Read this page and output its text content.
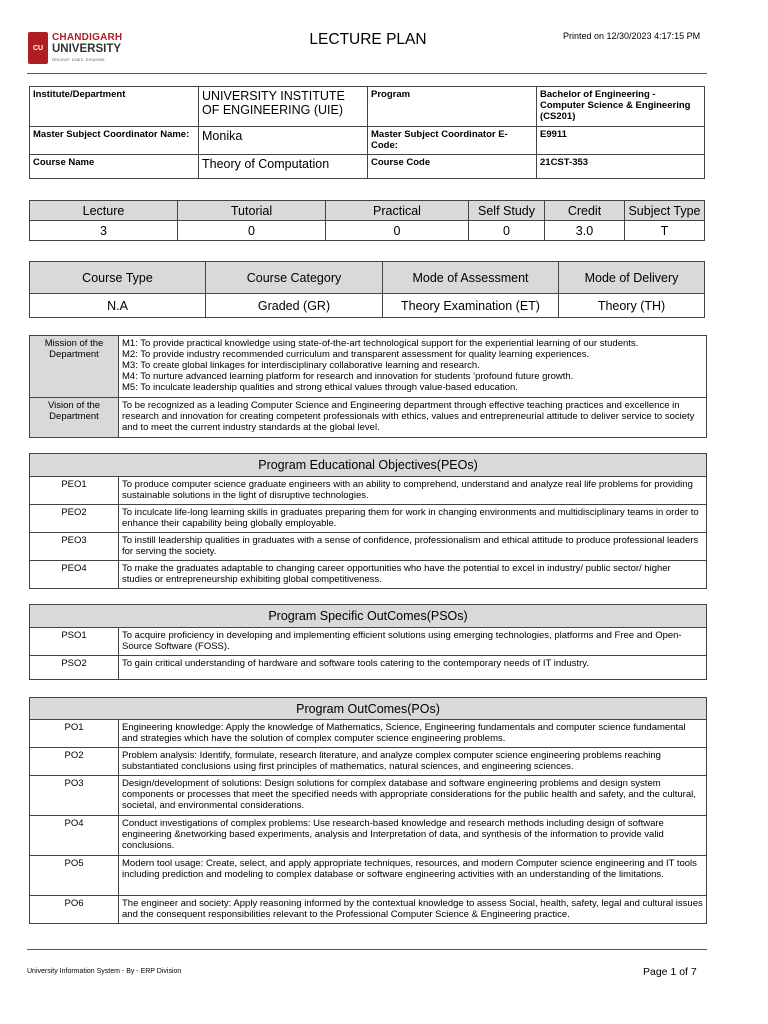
CU
CHANDIGARH
UNIVERSITY
Discover. Learn. Empower.
LECTURE PLAN	Printed on 12/30/2023 4:17:15 PM
Institute/Department	UNIVERSITY INSTITUTE OF ENGINEERING (UIE)	Program	Bachelor of Engineering - Computer Science & Engineering (CS201)
Master Subject Coordinator Name:	Monika	Master Subject Coordinator E-Code:	E9911
Course Name	Theory of Computation	Course Code	21CST-353
Lecture	Tutorial	Practical	Self Study	Credit	Subject Type
3	0	0	0	3.0	T
Course Type	Course Category	Mode of Assessment	Mode of Delivery
N.A	Graded (GR)	Theory Examination (ET)	Theory (TH)
Mission of the Department	M1: To provide practical knowledge using state-of-the-art technological support for the experiential learning of our students.
M2: To provide industry recommended curriculum and transparent assessment for quality learning experiences.
M3: To create global linkages for interdisciplinary collaborative learning and research.
M4: To nurture advanced learning platform for research and innovation for students ‘profound future growth.
M5: To inculcate leadership qualities and strong ethical values through value-based education.

Vision of the Department	To be recognized as a leading Computer Science and Engineering department through effective teaching practices and excellence in research and innovation for creating competent professionals with ethics, values and entrepreneurial attitude to deliver service to society and to meet the current industry standards at the global level.
Program Educational Objectives(PEOs)	
PEO1	To produce computer science graduate engineers with an ability to comprehend, understand and analyze real life problems for providing sustainable solutions in the light of disruptive technologies.
PEO2	To inculcate life-long learning skills in graduates preparing them for work in changing environments and multidisciplinary teams in order to enhance their capability being globally employable.
PEO3	To instill leadership qualities in graduates with a sense of confidence, professionalism and ethical attitude to produce professional leaders for serving the society.
PEO4	To make the graduates adaptable to changing career opportunities who have the potential to excel in industry/ public sector/ higher studies or entrepreneurship exhibiting global competitiveness.
Program Specific OutComes(PSOs)	
PSO1	To acquire proficiency in developing and implementing efficient solutions using emerging technologies, platforms and Free and Open-Source Software (FOSS).
PSO2	To gain critical understanding of hardware and software tools catering to the contemporary needs of IT industry.
Program OutComes(POs)	
PO1	Engineering knowledge: Apply the knowledge of Mathematics, Science, Engineering fundamentals and computer science fundamental and strategies which have the solution of complex computer science engineering problems.
PO2	Problem analysis: Identify, formulate, research literature, and analyze complex computer science engineering problems reaching substantiated conclusions using first principles of mathematics, natural sciences, and engineering sciences.
PO3	Design/development of solutions: Design solutions for complex database and software engineering problems and design system components or processes that meet the specified needs with appropriate considerations for the public health and safety, and the cultural, societal, and environmental considerations.
PO4	Conduct investigations of complex problems: Use research-based knowledge and research methods including design of software engineering &networking based experiments, analysis and Interpretation of data, and synthesis of the information to provide valid conclusions.
PO5	Modern tool usage: Create, select, and apply appropriate techniques, resources, and modern Computer science engineering and IT tools including prediction and modeling to complex database or software engineering activities with an understanding of the limitations.
PO6	The engineer and society: Apply reasoning informed by the contextual knowledge to assess Social, health, safety, legal and cultural issues and the consequent responsibilities relevant to the Professional Computer Science & Engineering practice.
University Information System - By - ERP Division	Page 1 of 7
